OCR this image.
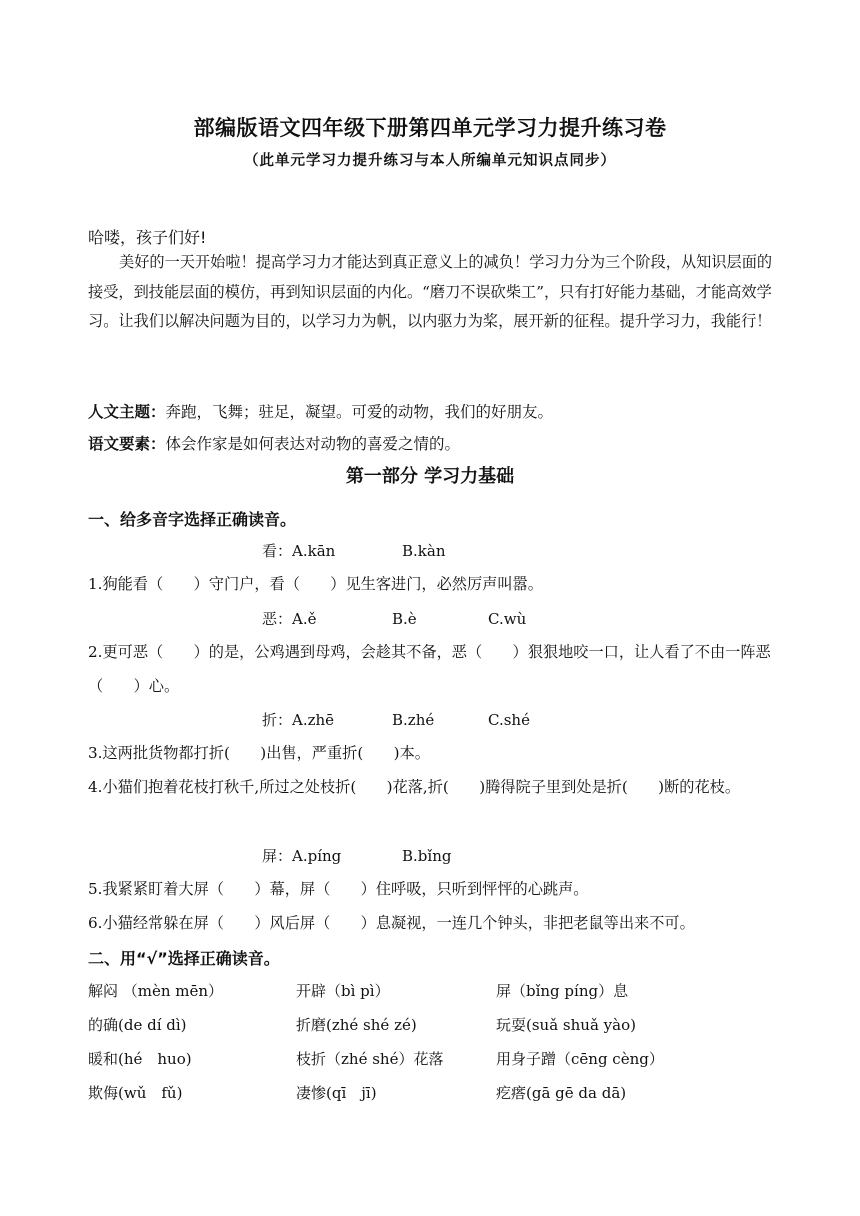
部编版语文四年级下册第四单元学习力提升练习卷
（此单元学习力提升练习与本人所编单元知识点同步）
哈喽，孩子们好!
美好的一天开始啦！提高学习力才能达到真正意义上的减负！学习力分为三个阶段，从知识层面的接受，到技能层面的模仿，再到知识层面的内化。“磨刀不误砍柴工”，只有打好能力基础，才能高效学习。让我们以解决问题为目的，以学习力为帆，以内驱力为桨，展开新的征程。提升学习力，我能行！
人文主题：奔跑，飞舞；驻足，凝望。可爱的动物，我们的好朋友。
语文要素：体会作家是如何表达对动物的喜爱之情的。
第一部分 学习力基础
一、给多音字选择正确读音。
看：A.kān	B.kàn
1.狗能看（　　）守门户，看（　　）见生客进门，必然厉声叫嚣。
恶：A.ě	B.è	C.wù
2.更可恶（　　）的是，公鸡遇到母鸡，会趁其不备，恶（　　）狠狠地咬一口，让人看了不由一阵恶（　　）心。
折：A.zhē	B.zhé	C.shé
3.这两批货物都打折(　　)出售，严重折(　　)本。
4.小猫们抱着花枝打秋千,所过之处枝折(　　)花落,折(　　)腾得院子里到处是折(　　)断的花枝。
屏：A.píng	B.bǐng
5.我紧紧盯着大屏（　　）幕，屏（　　）住呼吸，只听到怦怦的心跳声。
6.小猫经常躲在屏（　　）风后屏（　　）息凝视，一连几个钟头，非把老鼠等出来不可。
二、用“√”选择正确读音。
解闷 （mèn mēn）	开辟（bì pì）	屏（bǐng píng）息
的确(de dí dì)	折磨(zhé shé zé)	玩耍(suǎ shuǎ yào)
暖和(hé　huo)	枝折（zhé shé）花落	用身子蹭（cēng cèng）
欺侮(wǔ　fǔ)	凄惨(qī　jī)	疙瘩(gā gē da dā)
